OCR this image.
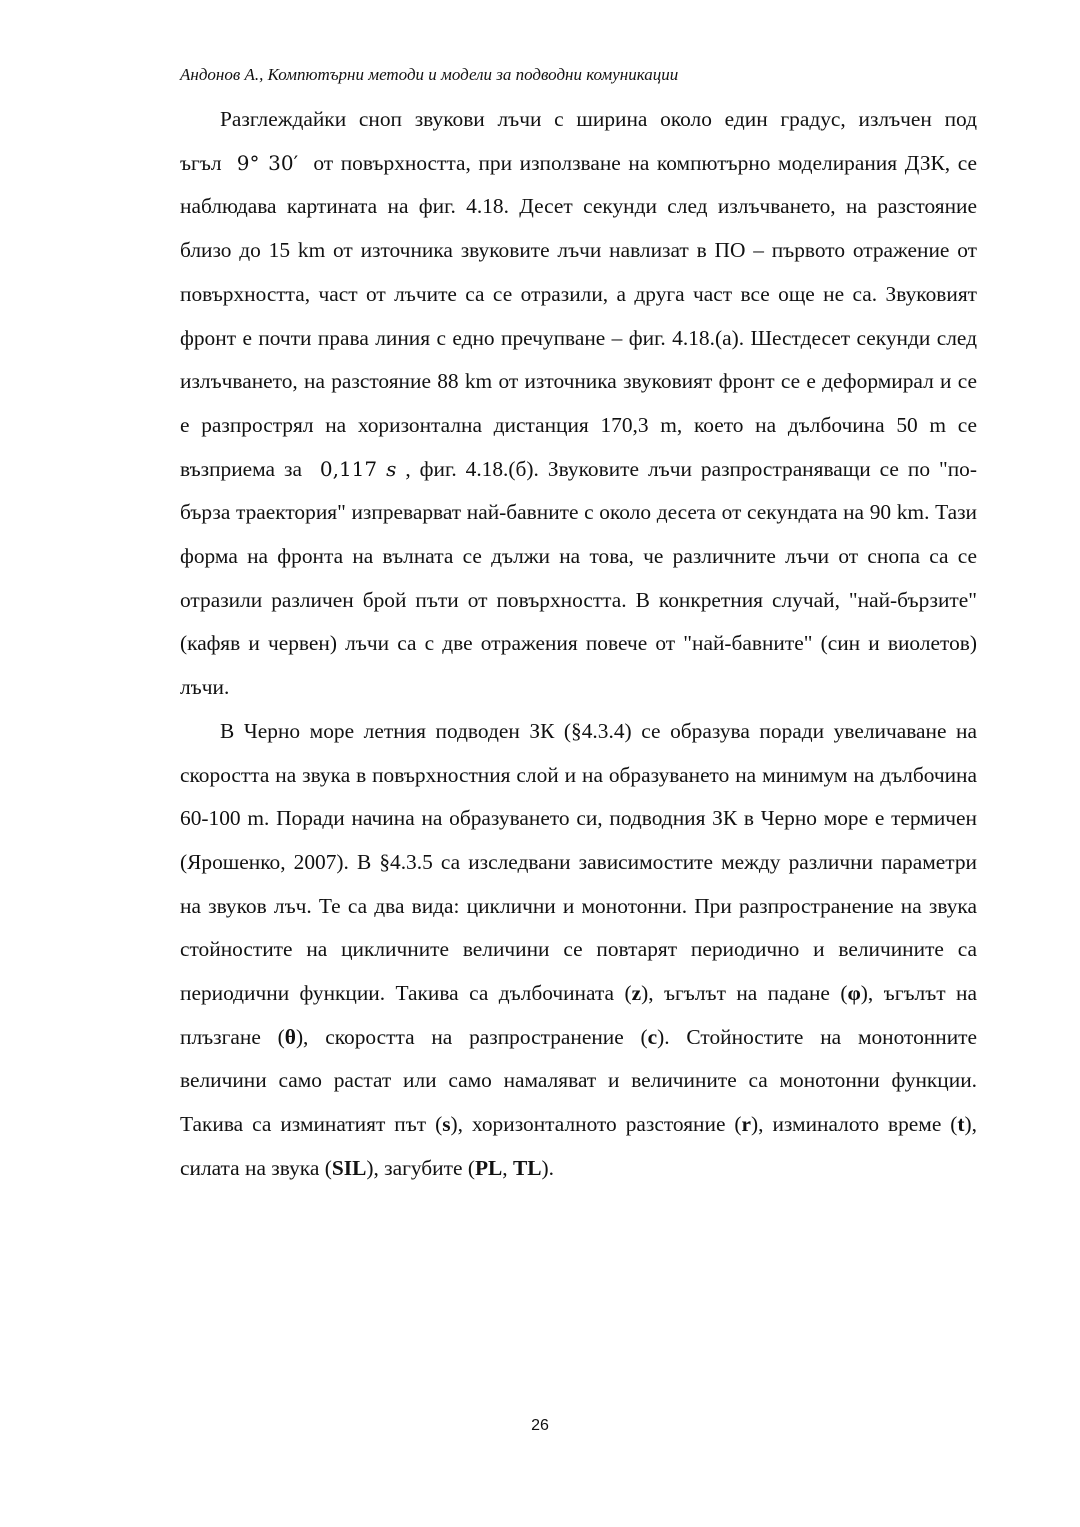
Андонов А., Компютърни методи и модели за подводни комуникации

Разглеждайки сноп звукови лъчи с ширина около един градус, излъчен под ъгъл 9° 30′ от повърхността, при използване на компютърно моделирания ДЗК, се наблюдава картината на фиг. 4.18. Десет секунди след излъчването, на разстояние близо до 15 km от източника звуковите лъчи навлизат в ПО – първото отражение от повърхността, част от лъчите са се отразили, а друга част все още не са. Звуковият фронт е почти права линия с едно пречупване – фиг. 4.18.(а). Шестдесет секунди след излъчването, на разстояние 88 km от източника звуковият фронт се е деформирал и се е разпрострял на хоризонтална дистанция 170,3 m, което на дълбочина 50 m се възприема за 0,117 s , фиг. 4.18.(б). Звуковите лъчи разпространяващи се по "по-бърза траектория" изпреварват най-бавните с около десета от секундата на 90 km. Тази форма на фронта на вълната се дължи на това, че различните лъчи от снопа са се отразили различен брой пъти от повърхността. В конкретния случай, "най-бързите" (кафяв и червен) лъчи са с две отражения повече от "най-бавните" (син и виолетов) лъчи.

В Черно море летния подводен ЗК (§4.3.4) се образува поради увеличаване на скоростта на звука в повърхностния слой и на образуването на минимум на дълбочина 60-100 m. Поради начина на образуването си, подводния ЗК в Черно море е термичен (Ярошенко, 2007). В §4.3.5 са изследвани зависимостите между различни параметри на звуков лъч. Те са два вида: циклични и монотонни. При разпространение на звука стойностите на цикличните величини се повтарят периодично и величините са периодични функции. Такива са дълбочината (z), ъгълът на падане (φ), ъгълът на плъзгане (θ), скоростта на разпространение (c). Стойностите на монотонните величини само растат или само намаляват и величините са монотонни функции. Такива са изминатият път (s), хоризонталното разстояние (r), изминалото време (t), силата на звука (SIL), загубите (PL, TL).

26
